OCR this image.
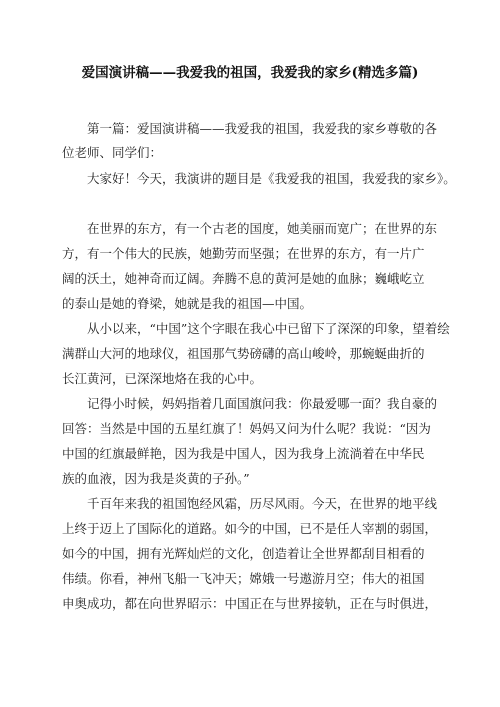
爱国演讲稿——我爱我的祖国，我爱我的家乡(精选多篇)
第一篇：爱国演讲稿——我爱我的祖国，我爱我的家乡尊敬的各
位老师、同学们：
大家好！今天，我演讲的题目是《我爱我的祖国，我爱我的家乡》。
在世界的东方，有一个古老的国度，她美丽而宽广；在世界的东
方，有一个伟大的民族，她勤劳而坚强；在世界的东方，有一片广
阔的沃土，她神奇而辽阔。奔腾不息的黄河是她的血脉；巍峨屹立
的泰山是她的脊梁，她就是我的祖国—中国。
从小以来，“中国”这个字眼在我心中已留下了深深的印象，望着绘
满群山大河的地球仪，祖国那气势磅礴的高山峻岭，那蜿蜒曲折的
长江黄河，已深深地烙在我的心中。
记得小时候，妈妈指着几面国旗问我：你最爱哪一面？我自豪的
回答：当然是中国的五星红旗了！妈妈又问为什么呢？我说：“因为
中国的红旗最鲜艳，因为我是中国人，因为我身上流淌着在中华民
族的血液，因为我是炎黄的子孙。”
千百年来我的祖国饱经风霜，历尽风雨。今天，在世界的地平线
上终于迈上了国际化的道路。如今的中国，已不是任人宰割的弱国，
如今的中国，拥有光辉灿烂的文化，创造着让全世界都刮目相看的
伟绩。你看，神州飞船一飞冲天；嫦娥一号遨游月空；伟大的祖国
申奥成功，都在向世界昭示：中国正在与世界接轨，正在与时俱进，
